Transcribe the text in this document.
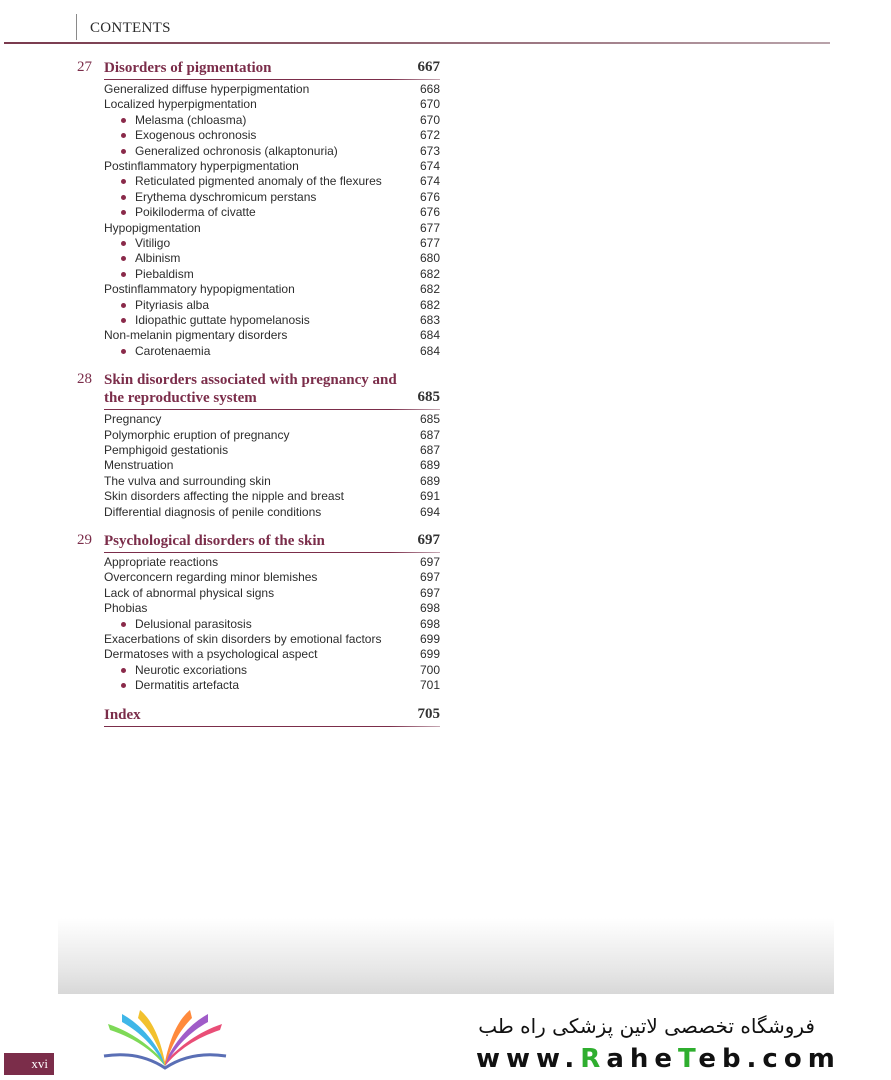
CONTENTS
27 Disorders of pigmentation	667
Generalized diffuse hyperpigmentation	668
Localized hyperpigmentation	670
Melasma (chloasma)	670
Exogenous ochronosis	672
Generalized ochronosis (alkaptonuria)	673
Postinflammatory hyperpigmentation	674
Reticulated pigmented anomaly of the flexures	674
Erythema dyschromicum perstans	676
Poikiloderma of civatte	676
Hypopigmentation	677
Vitiligo	677
Albinism	680
Piebaldism	682
Postinflammatory hypopigmentation	682
Pityriasis alba	682
Idiopathic guttate hypomelanosis	683
Non-melanin pigmentary disorders	684
Carotenaemia	684
28 Skin disorders associated with pregnancy and the reproductive system	685
Pregnancy	685
Polymorphic eruption of pregnancy	687
Pemphigoid gestationis	687
Menstruation	689
The vulva and surrounding skin	689
Skin disorders affecting the nipple and breast	691
Differential diagnosis of penile conditions	694
29 Psychological disorders of the skin	697
Appropriate reactions	697
Overconcern regarding minor blemishes	697
Lack of abnormal physical signs	697
Phobias	698
Delusional parasitosis	698
Exacerbations of skin disorders by emotional factors	699
Dermatoses with a psychological aspect	699
Neurotic excoriations	700
Dermatitis artefacta	701
Index	705
xvi
فروشگاه تخصصی لاتین پزشکی راه طب
www.RaheTeb.com
